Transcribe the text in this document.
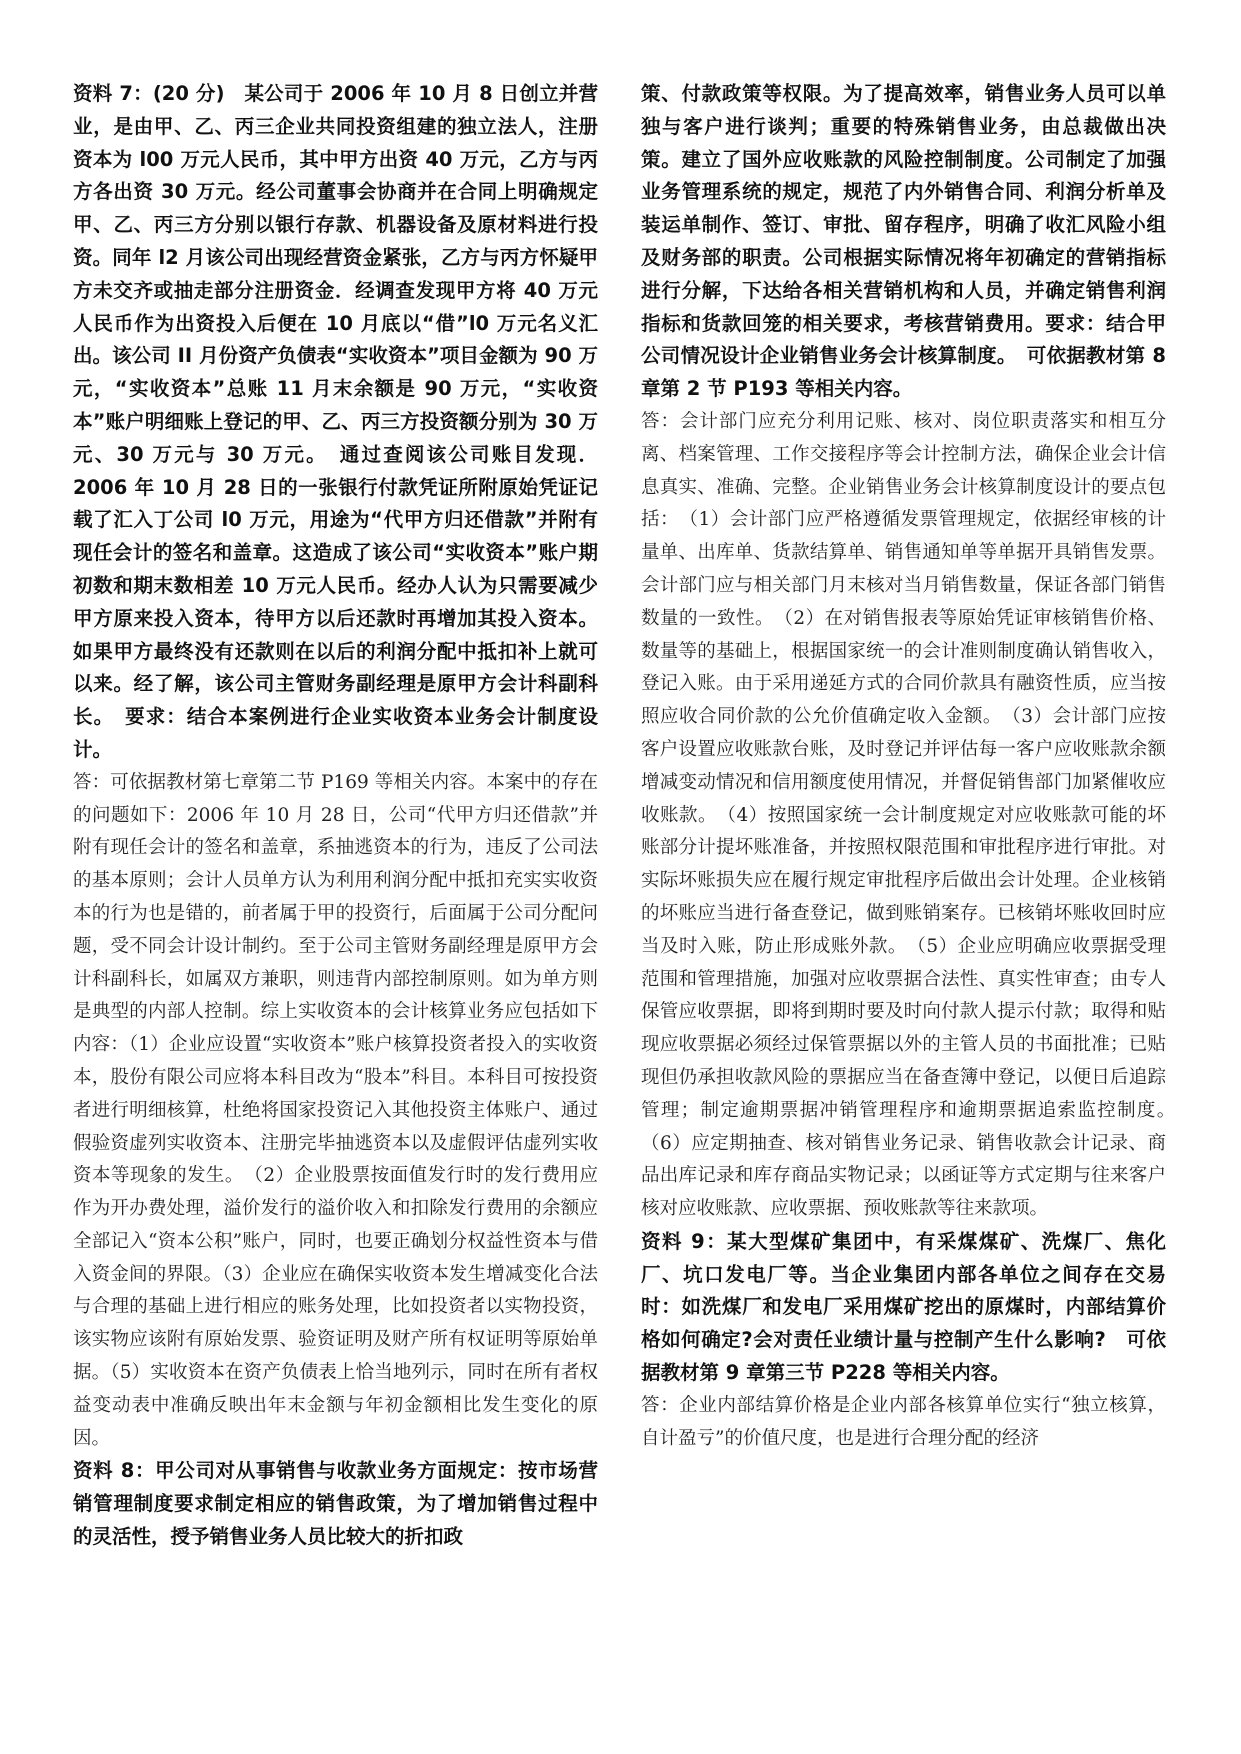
资料 7：(20 分)　某公司于 2006 年 10 月 8 日创立并营业，是由甲、乙、丙三企业共同投资组建的独立法人，注册资本为 l00 万元人民币，其中甲方出资 40 万元，乙方与丙方各出资 30 万元。经公司董事会协商并在合同上明确规定甲、乙、丙三方分别以银行存款、机器设备及原材料进行投资。同年 l2 月该公司出现经营资金紧张，乙方与丙方怀疑甲方未交齐或抽走部分注册资金．经调查发现甲方将 40 万元人民币作为出资投入后便在 10 月底以“借”l0 万元名义汇出。该公司 II 月份资产负债表“实收资本”项目金额为 90 万元，“实收资本”总账 11 月末余额是 90 万元，“实收资本”账户明细账上登记的甲、乙、丙三方投资额分别为 30 万元、30 万元与 30 万元。　通过查阅该公司账目发现．2006 年 10 月 28 日的一张银行付款凭证所附原始凭证记载了汇入丁公司 l0 万元，用途为“代甲方归还借款”并附有现任会计的签名和盖章。这造成了该公司“实收资本”账户期初数和期末数相差 10 万元人民币。经办人认为只需要减少甲方原来投入资本，待甲方以后还款时再增加其投入资本。如果甲方最终没有还款则在以后的利润分配中抵扣补上就可以来。经了解，该公司主管财务副经理是原甲方会计科副科长。　要求：结合本案例进行企业实收资本业务会计制度设计。

答：可依据教材第七章第二节 P169 等相关内容。本案中的存在的问题如下：2006 年 10 月 28 日，公司“代甲方归还借款”并附有现任会计的签名和盖章，系抽逃资本的行为，违反了公司法的基本原则；会计人员单方认为利用利润分配中抵扣充实实收资本的行为也是错的，前者属于甲的投资行，后面属于公司分配问题，受不同会计设计制约。至于公司主管财务副经理是原甲方会计科副科长，如属双方兼职，则违背内部控制原则。如为单方则是典型的内部人控制。综上实收资本的会计核算业务应包括如下内容：（1）企业应设置“实收资本”账户核算投资者投入的实收资本，股份有限公司应将本科目改为“股本”科目。本科目可按投资者进行明细核算，杜绝将国家投资记入其他投资主体账户、通过假验资虚列实收资本、注册完毕抽逃资本以及虚假评估虚列实收资本等现象的发生。　（2）企业股票按面值发行时的发行费用应作为开办费处理，溢价发行的溢价收入和扣除发行费用的余额应全部记入“资本公积”账户，同时，也要正确划分权益性资本与借入资金间的界限。（3）企业应在确保实收资本发生增减变化合法与合理的基础上进行相应的账务处理，比如投资者以实物投资，该实物应该附有原始发票、验资证明及财产所有权证明等原始单据。（5）实收资本在资产负债表上恰当地列示，同时在所有者权益变动表中准确反映出年末金额与年初金额相比发生变化的原因。

资料 8：甲公司对从事销售与收款业务方面规定：按市场营销管理制度要求制定相应的销售政策，为了增加销售过程中的灵活性，授予销售业务人员比较大的折扣政

策、付款政策等权限。为了提高效率，销售业务人员可以单独与客户进行谈判；重要的特殊销售业务，由总裁做出决策。建立了国外应收账款的风险控制制度。公司制定了加强业务管理系统的规定，规范了内外销售合同、利润分析单及装运单制作、签订、审批、留存程序，明确了收汇风险小组及财务部的职责。公司根据实际情况将年初确定的营销指标进行分解，下达给各相关营销机构和人员，并确定销售利润指标和货款回笼的相关要求，考核营销费用。要求：结合甲公司情况设计企业销售业务会计核算制度。　可依据教材第 8 章第 2 节 P193 等相关内容。

答：会计部门应充分利用记账、核对、岗位职责落实和相互分离、档案管理、工作交接程序等会计控制方法，确保企业会计信息真实、准确、完整。企业销售业务会计核算制度设计的要点包括：　（1）会计部门应严格遵循发票管理规定，依据经审核的计量单、出库单、货款结算单、销售通知单等单据开具销售发票。会计部门应与相关部门月末核对当月销售数量，保证各部门销售数量的一致性。　（2）在对销售报表等原始凭证审核销售价格、数量等的基础上，根据国家统一的会计准则制度确认销售收入，登记入账。由于采用递延方式的合同价款具有融资性质，应当按照应收合同价款的公允价值确定收入金额。　（3）会计部门应按客户设置应收账款台账，及时登记并评估每一客户应收账款余额增减变动情况和信用额度使用情况，并督促销售部门加紧催收应收账款。　（4）按照国家统一会计制度规定对应收账款可能的坏账部分计提坏账准备，并按照权限范围和审批程序进行审批。对实际坏账损失应在履行规定审批程序后做出会计处理。企业核销的坏账应当进行备查登记，做到账销案存。已核销坏账收回时应当及时入账，防止形成账外款。　（5）企业应明确应收票据受理范围和管理措施，加强对应收票据合法性、真实性审查；由专人保管应收票据，即将到期时要及时向付款人提示付款；取得和贴现应收票据必须经过保管票据以外的主管人员的书面批准；已贴现但仍承担收款风险的票据应当在备查簿中登记，以便日后追踪管理；制定逾期票据冲销管理程序和逾期票据追索监控制度。　（6）应定期抽查、核对销售业务记录、销售收款会计记录、商品出库记录和库存商品实物记录；以函证等方式定期与往来客户核对应收账款、应收票据、预收账款等往来款项。

资料 9：某大型煤矿集团中，有采煤煤矿、洗煤厂、焦化厂、坑口发电厂等。当企业集团内部各单位之间存在交易时：如洗煤厂和发电厂采用煤矿挖出的原煤时，内部结算价格如何确定?会对责任业绩计量与控制产生什么影响?　可依据教材第 9 章第三节 P228 等相关内容。

答：企业内部结算价格是企业内部各核算单位实行“独立核算，自计盈亏”的价值尺度，也是进行合理分配的经济
